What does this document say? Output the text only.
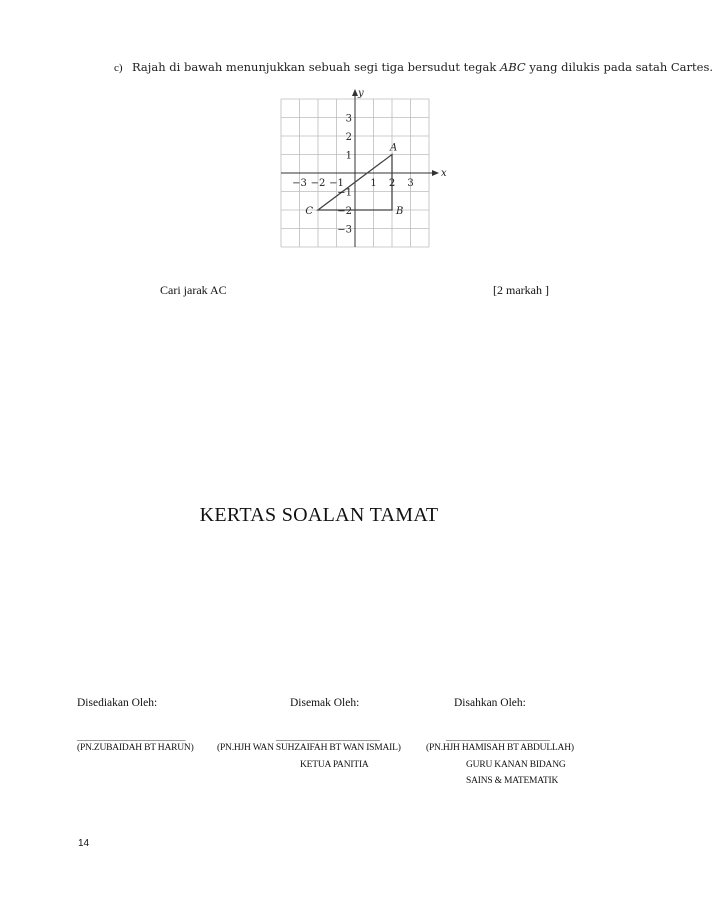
c) Rajah di bawah menunjukkan sebuah segi tiga bersudut tegak ABC yang dilukis pada satah Cartes.
x
y
−3 −2 −1	1 2 3
3
2
1
−1
−2
−3
A
B
C
Cari jarak AC	[2 markah ]
KERTAS SOALAN TAMAT
Disediakan Oleh:	Disemak Oleh:	Disahkan Oleh:
________________________	_______________________	_______________________
(PN.ZUBAIDAH BT HARUN) (PN.HJH WAN SUHZAIFAH BT WAN ISMAIL)	(PN.HJH HAMISAH BT ABDULLAH)
KETUA PANITIA	GURU KANAN BIDANG
SAINS & MATEMATIK
14
